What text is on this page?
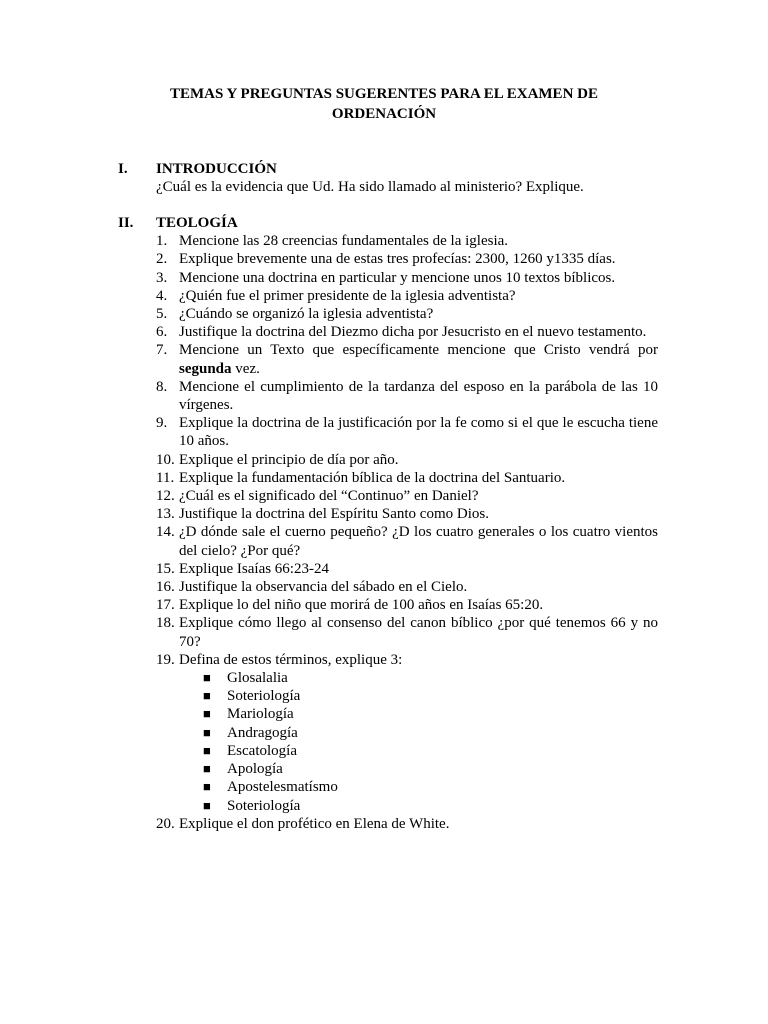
TEMAS Y PREGUNTAS SUGERENTES PARA EL EXAMEN DE
ORDENACIÓN
I. INTRODUCCIÓN
¿Cuál es la evidencia que Ud. Ha sido llamado al ministerio? Explique.
II. TEOLOGÍA
1. Mencione las 28 creencias fundamentales de la iglesia.
2. Explique brevemente una de estas tres profecías: 2300, 1260 y1335 días.
3. Mencione una doctrina en particular y mencione unos 10 textos bíblicos.
4. ¿Quién fue el primer presidente de la iglesia adventista?
5. ¿Cuándo se organizó la iglesia adventista?
6. Justifique la doctrina del Diezmo dicha por Jesucristo en el nuevo testamento.
7. Mencione un Texto que específicamente mencione que Cristo vendrá por segunda vez.
8. Mencione el cumplimiento de la tardanza del esposo en la parábola de las 10 vírgenes.
9. Explique la doctrina de la justificación por la fe como si el que le escucha tiene 10 años.
10. Explique el principio de día por año.
11. Explique la fundamentación bíblica de la doctrina del Santuario.
12. ¿Cuál es el significado del “Continuo” en Daniel?
13. Justifique la doctrina del Espíritu Santo como Dios.
14. ¿D dónde sale el cuerno pequeño? ¿D los cuatro generales o los cuatro vientos del cielo? ¿Por qué?
15. Explique Isaías 66:23-24
16. Justifique la observancia del sábado en el Cielo.
17. Explique lo del niño que morirá de 100 años en Isaías 65:20.
18. Explique cómo llego al consenso del canon bíblico ¿por qué tenemos 66 y no 70?
19. Defina de estos términos, explique 3:
■ Glosalalia
■ Soteriología
■ Mariología
■ Andragogía
■ Escatología
■ Apología
■ Apostelesmatísmo
■ Soteriología
20. Explique el don profético en Elena de White.
